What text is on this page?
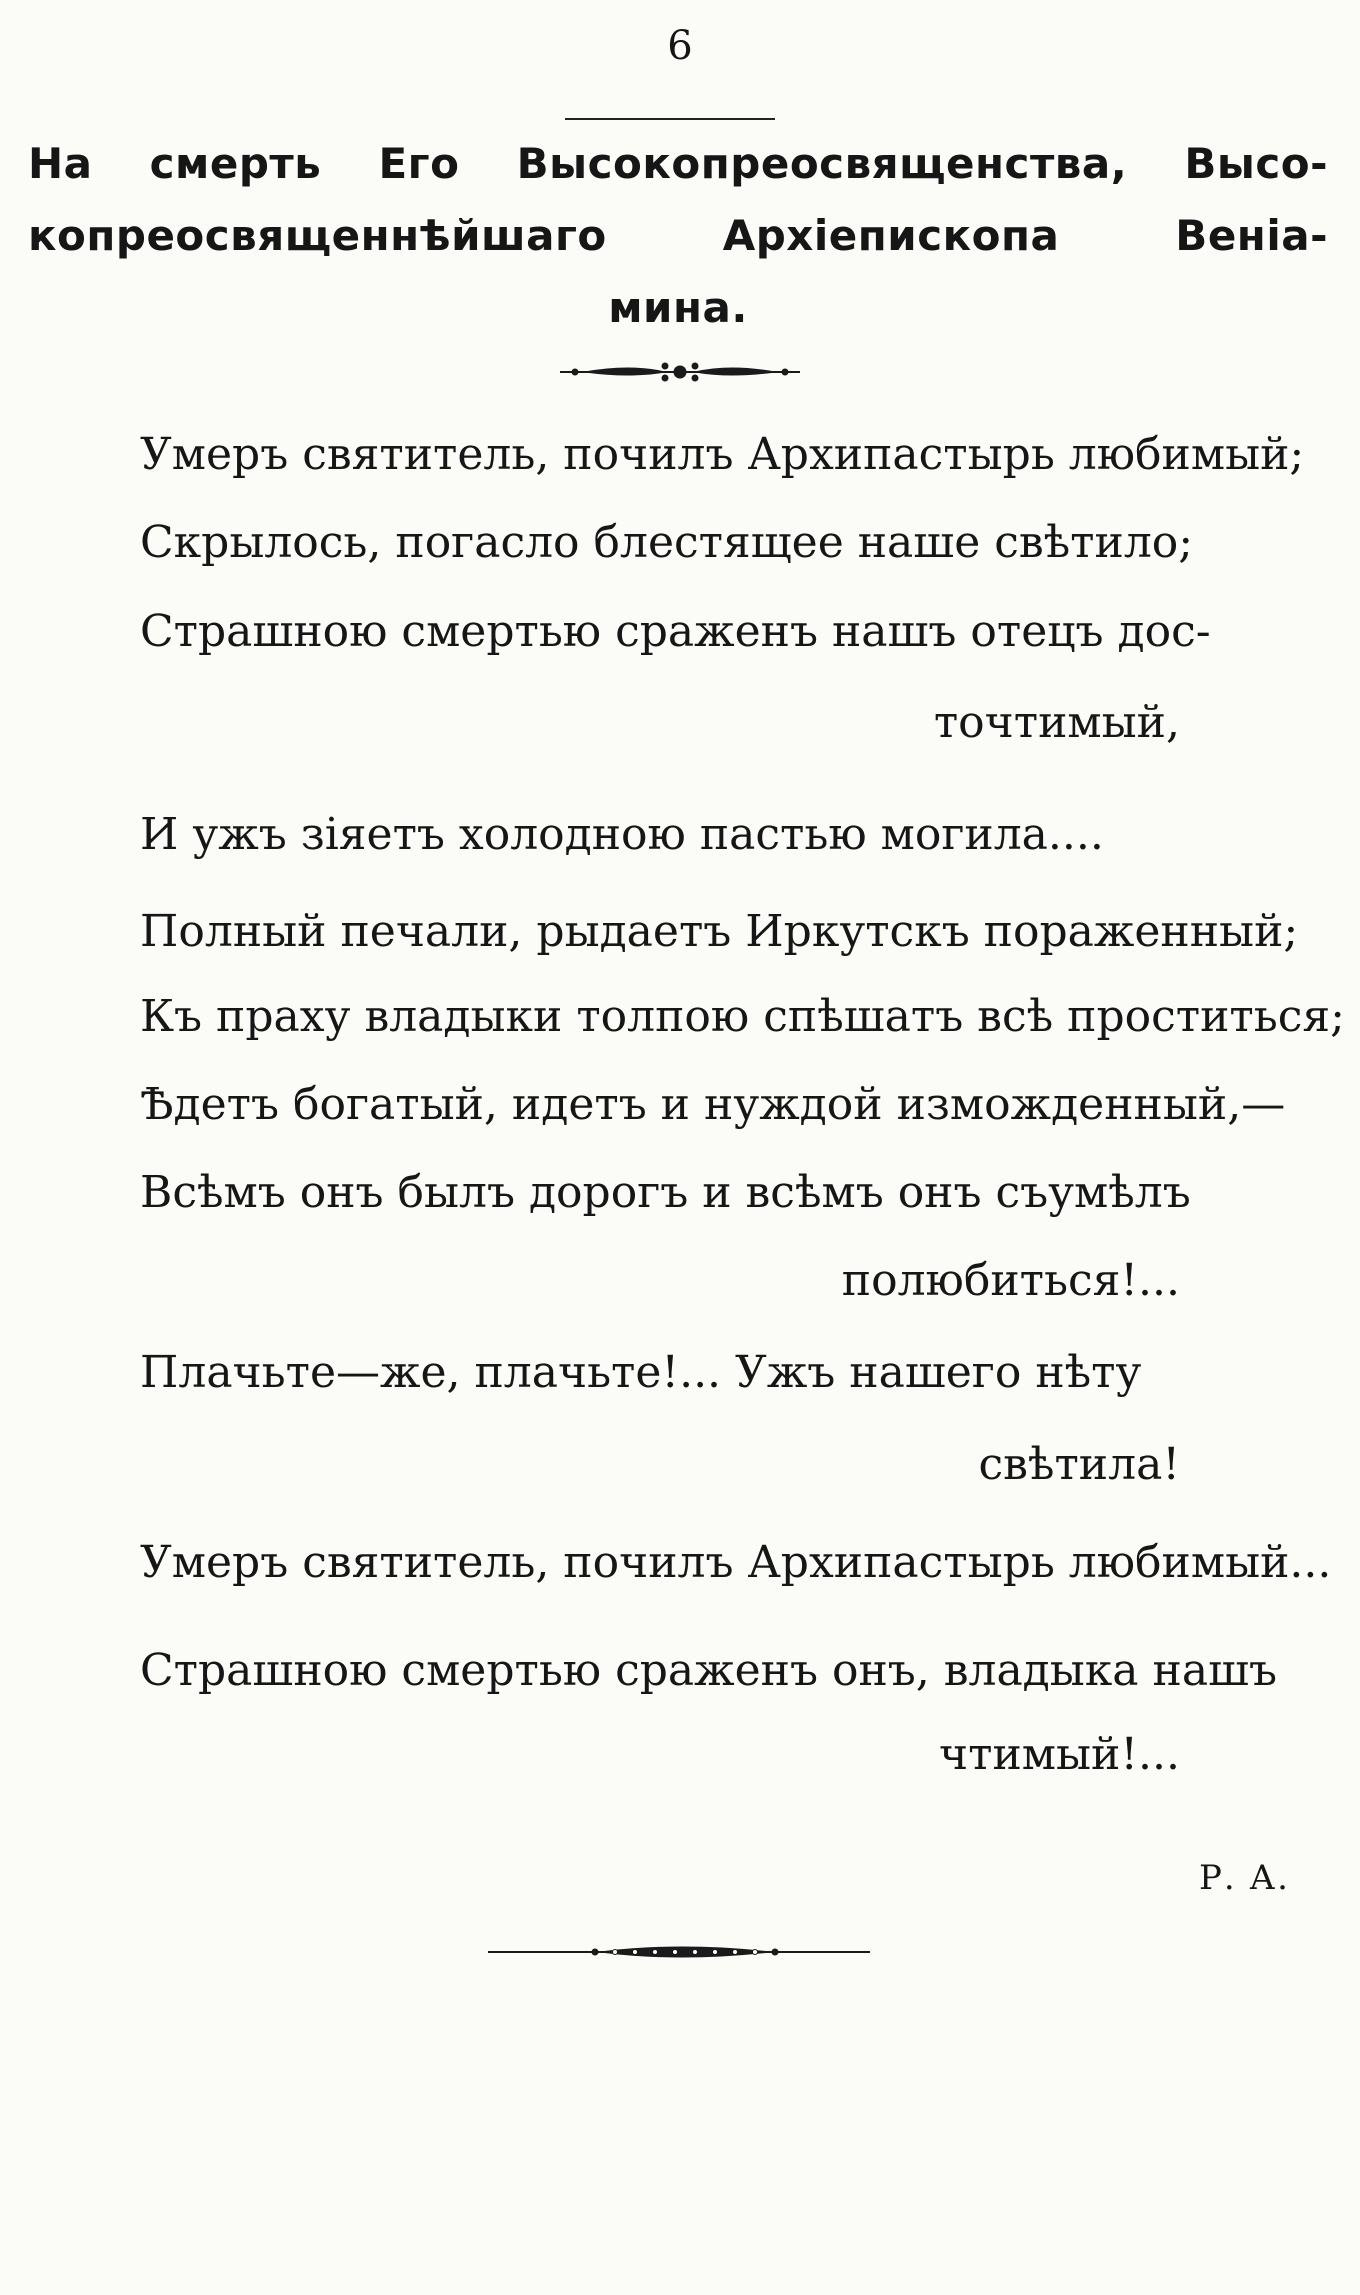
6
На смерть Его Высокопреосвященства, Высо-
копреосвященнѣйшаго Архіепископа Веніа-
мина.
Умеръ святитель, почилъ Архипастырь любимый;
Скрылось, погасло блестящее наше свѣтило;
Страшною смертью сраженъ нашъ отецъ дос-
точтимый,
И ужъ зіяетъ холодною пастью могила....
Полный печали, рыдаетъ Иркутскъ пораженный;
Къ праху владыки толпою спѣшатъ всѣ проститься;
Ѣдетъ богатый, идетъ и нуждой изможденный,—
Всѣмъ онъ былъ дорогъ и всѣмъ онъ съумѣлъ
полюбиться!...
Плачьте—же, плачьте!... Ужъ нашего нѣту
свѣтила!
Умеръ святитель, почилъ Архипастырь любимый...
Страшною смертью сраженъ онъ, владыка нашъ
чтимый!...
Р. А.
